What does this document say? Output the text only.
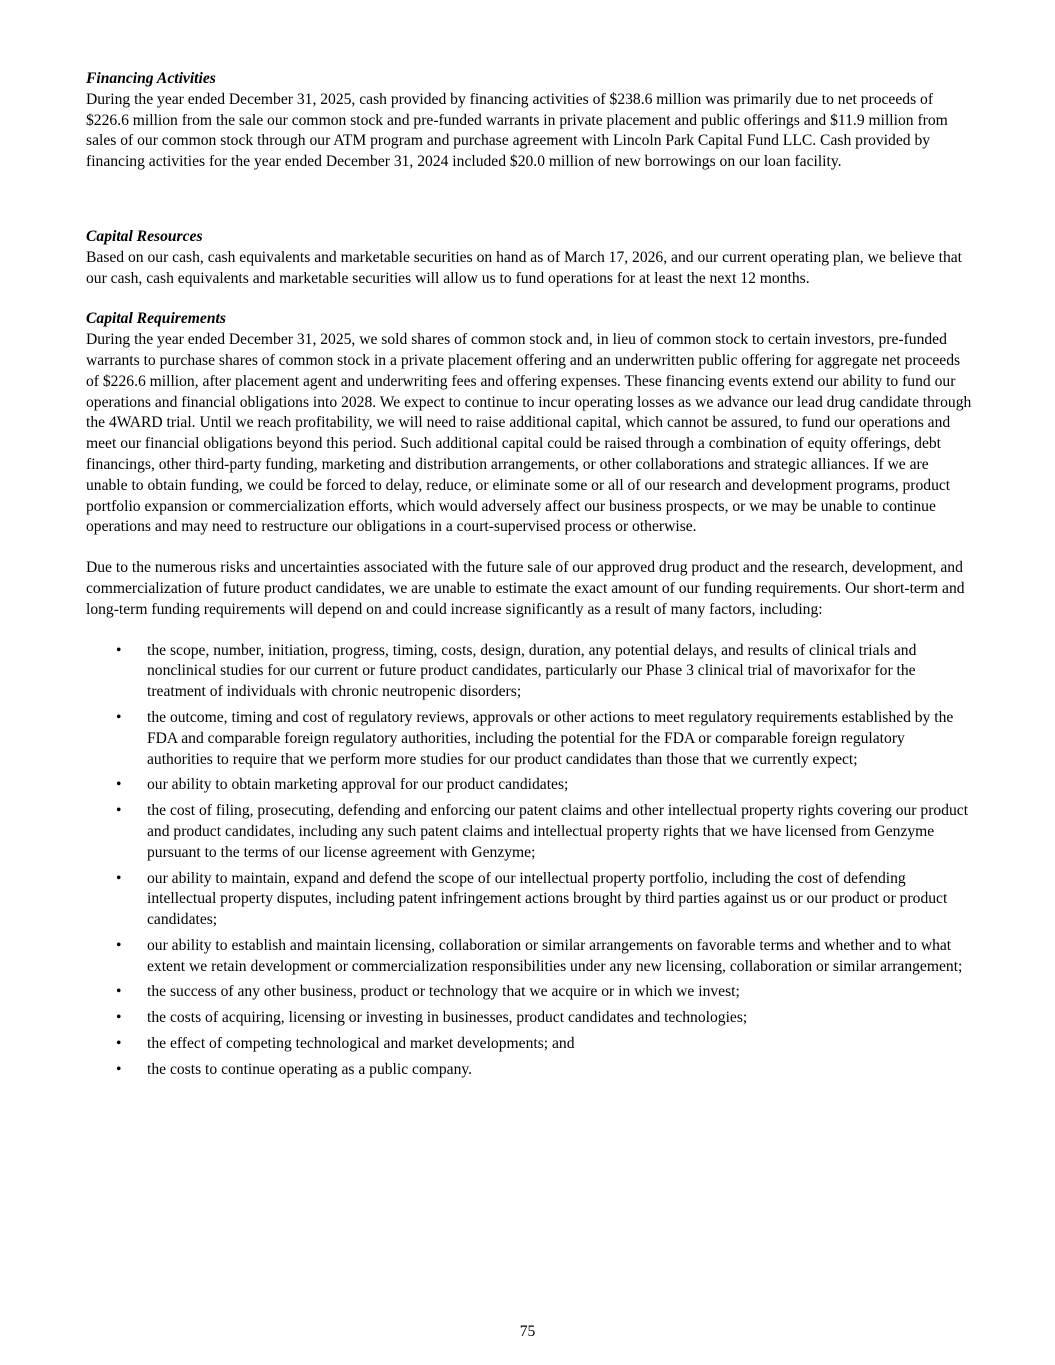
Financing Activities

During the year ended December 31, 2025, cash provided by financing activities of $238.6 million was primarily due to net proceeds of $226.6 million from the sale our common stock and pre-funded warrants in private placement and public offerings and $11.9 million from sales of our common stock through our ATM program and purchase agreement with Lincoln Park Capital Fund LLC. Cash provided by financing activities for the year ended December 31, 2024 included $20.0 million of new borrowings on our loan facility.

Capital Resources

Based on our cash, cash equivalents and marketable securities on hand as of March 17, 2026, and our current operating plan, we believe that our cash, cash equivalents and marketable securities will allow us to fund operations for at least the next 12 months.

Capital Requirements

During the year ended December 31, 2025, we sold shares of common stock and, in lieu of common stock to certain investors, pre-funded warrants to purchase shares of common stock in a private placement offering and an underwritten public offering for aggregate net proceeds of $226.6 million, after placement agent and underwriting fees and offering expenses. These financing events extend our ability to fund our operations and financial obligations into 2028. We expect to continue to incur operating losses as we advance our lead drug candidate through the 4WARD trial. Until we reach profitability, we will need to raise additional capital, which cannot be assured, to fund our operations and meet our financial obligations beyond this period. Such additional capital could be raised through a combination of equity offerings, debt financings, other third-party funding, marketing and distribution arrangements, or other collaborations and strategic alliances. If we are unable to obtain funding, we could be forced to delay, reduce, or eliminate some or all of our research and development programs, product portfolio expansion or commercialization efforts, which would adversely affect our business prospects, or we may be unable to continue operations and may need to restructure our obligations in a court-supervised process or otherwise.

Due to the numerous risks and uncertainties associated with the future sale of our approved drug product and the research, development, and commercialization of future product candidates, we are unable to estimate the exact amount of our funding requirements. Our short-term and long-term funding requirements will depend on and could increase significantly as a result of many factors, including:

• the scope, number, initiation, progress, timing, costs, design, duration, any potential delays, and results of clinical trials and nonclinical studies for our current or future product candidates, particularly our Phase 3 clinical trial of mavorixafor for the treatment of individuals with chronic neutropenic disorders;
• the outcome, timing and cost of regulatory reviews, approvals or other actions to meet regulatory requirements established by the FDA and comparable foreign regulatory authorities, including the potential for the FDA or comparable foreign regulatory authorities to require that we perform more studies for our product candidates than those that we currently expect;
• our ability to obtain marketing approval for our product candidates;
• the cost of filing, prosecuting, defending and enforcing our patent claims and other intellectual property rights covering our product and product candidates, including any such patent claims and intellectual property rights that we have licensed from Genzyme pursuant to the terms of our license agreement with Genzyme;
• our ability to maintain, expand and defend the scope of our intellectual property portfolio, including the cost of defending intellectual property disputes, including patent infringement actions brought by third parties against us or our product or product candidates;
• our ability to establish and maintain licensing, collaboration or similar arrangements on favorable terms and whether and to what extent we retain development or commercialization responsibilities under any new licensing, collaboration or similar arrangement;
• the success of any other business, product or technology that we acquire or in which we invest;
• the costs of acquiring, licensing or investing in businesses, product candidates and technologies;
• the effect of competing technological and market developments; and
• the costs to continue operating as a public company.
75
